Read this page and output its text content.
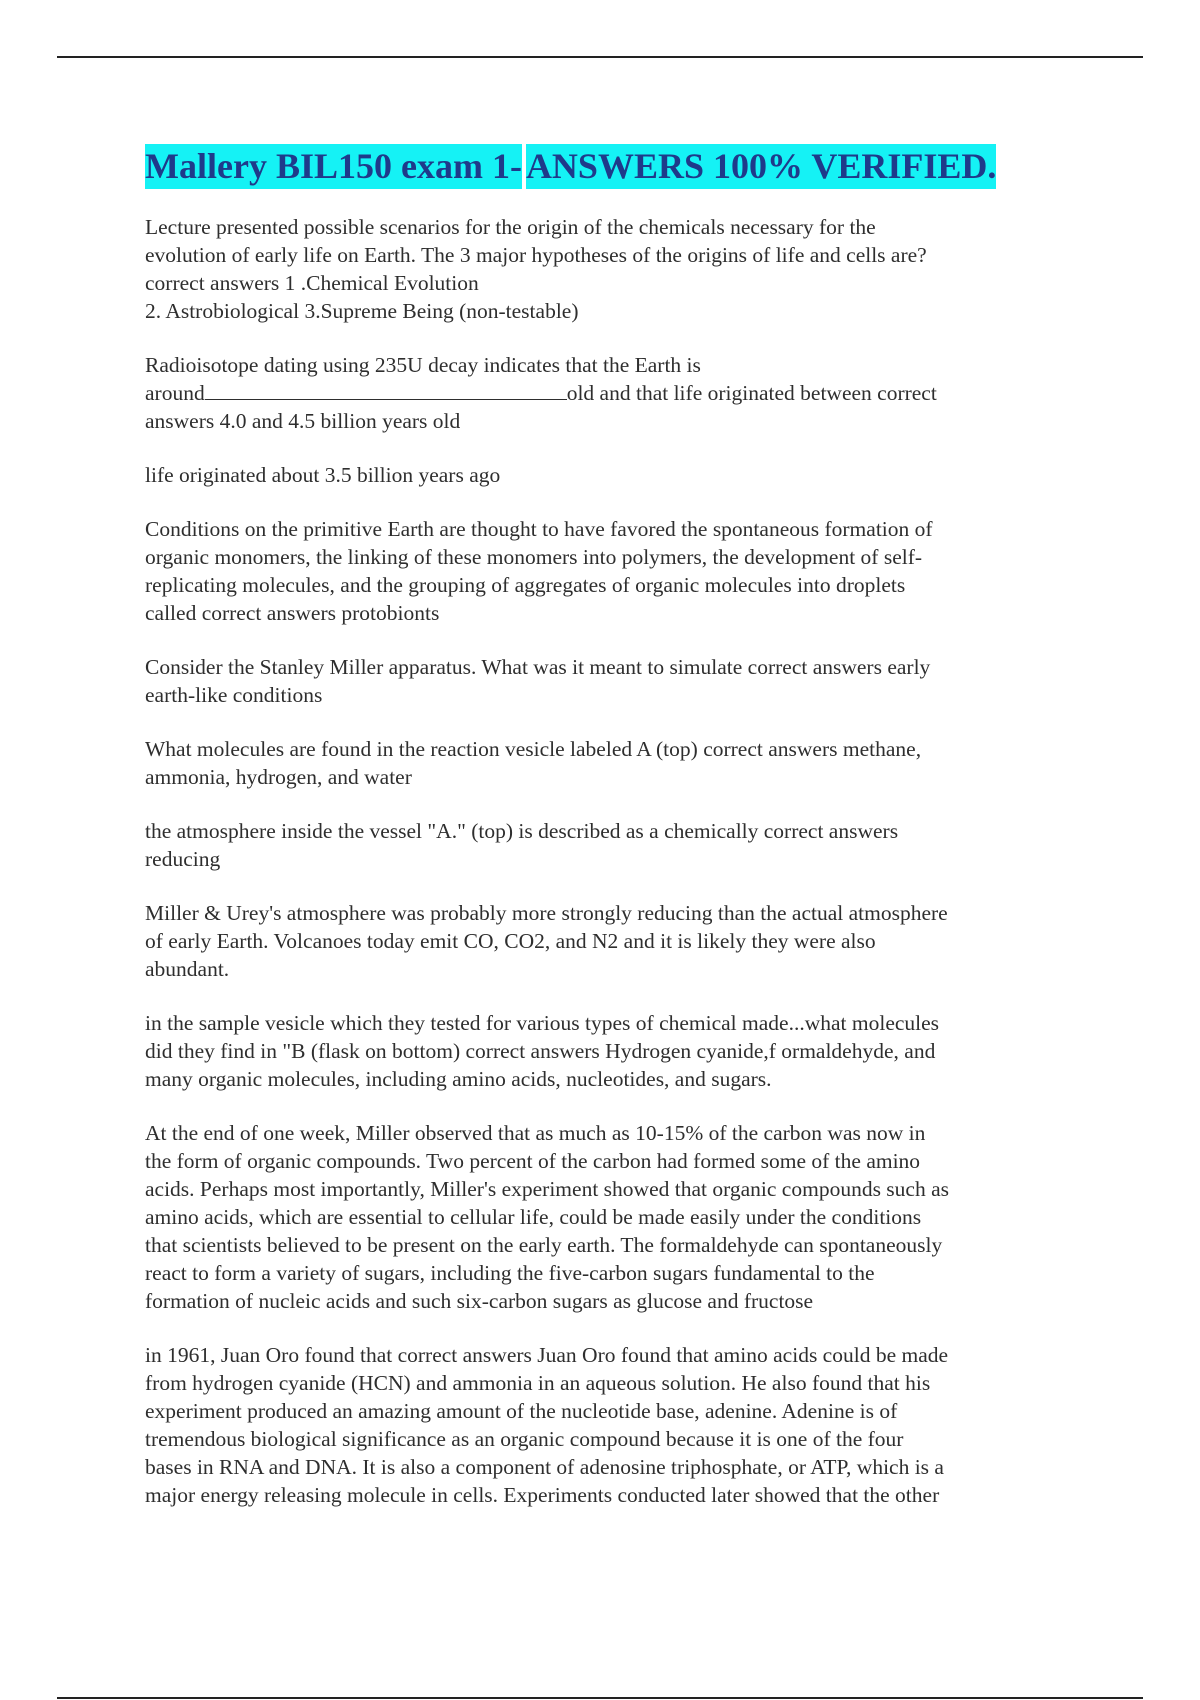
Mallery BIL150 exam 1- ANSWERS 100% VERIFIED.

Lecture presented possible scenarios for the origin of the chemicals necessary for the
evolution of early life on Earth. The 3 major hypotheses of the origins of life and cells are?
correct answers 1 .Chemical Evolution
2. Astrobiological 3.Supreme Being (non-testable)

Radioisotope dating using 235U decay indicates that the Earth is
around	old and that life originated between correct
answers 4.0 and 4.5 billion years old

life originated about 3.5 billion years ago

Conditions on the primitive Earth are thought to have favored the spontaneous formation of
organic monomers, the linking of these monomers into polymers, the development of self-
replicating molecules, and the grouping of aggregates of organic molecules into droplets
called correct answers protobionts

Consider the Stanley Miller apparatus. What was it meant to simulate correct answers early
earth-like conditions

What molecules are found in the reaction vesicle labeled A (top) correct answers methane,
ammonia, hydrogen, and water

the atmosphere inside the vessel "A." (top) is described as a chemically correct answers
reducing

Miller & Urey's atmosphere was probably more strongly reducing than the actual atmosphere
of early Earth. Volcanoes today emit CO, CO2, and N2 and it is likely they were also
abundant.

in the sample vesicle which they tested for various types of chemical made...what molecules
did they find in "B (flask on bottom) correct answers Hydrogen cyanide,f ormaldehyde, and
many organic molecules, including amino acids, nucleotides, and sugars.

At the end of one week, Miller observed that as much as 10-15% of the carbon was now in
the form of organic compounds. Two percent of the carbon had formed some of the amino
acids. Perhaps most importantly, Miller's experiment showed that organic compounds such as
amino acids, which are essential to cellular life, could be made easily under the conditions
that scientists believed to be present on the early earth. The formaldehyde can spontaneously
react to form a variety of sugars, including the five-carbon sugars fundamental to the
formation of nucleic acids and such six-carbon sugars as glucose and fructose

in 1961, Juan Oro found that correct answers Juan Oro found that amino acids could be made
from hydrogen cyanide (HCN) and ammonia in an aqueous solution. He also found that his
experiment produced an amazing amount of the nucleotide base, adenine. Adenine is of
tremendous biological significance as an organic compound because it is one of the four
bases in RNA and DNA. It is also a component of adenosine triphosphate, or ATP, which is a
major energy releasing molecule in cells. Experiments conducted later showed that the other
